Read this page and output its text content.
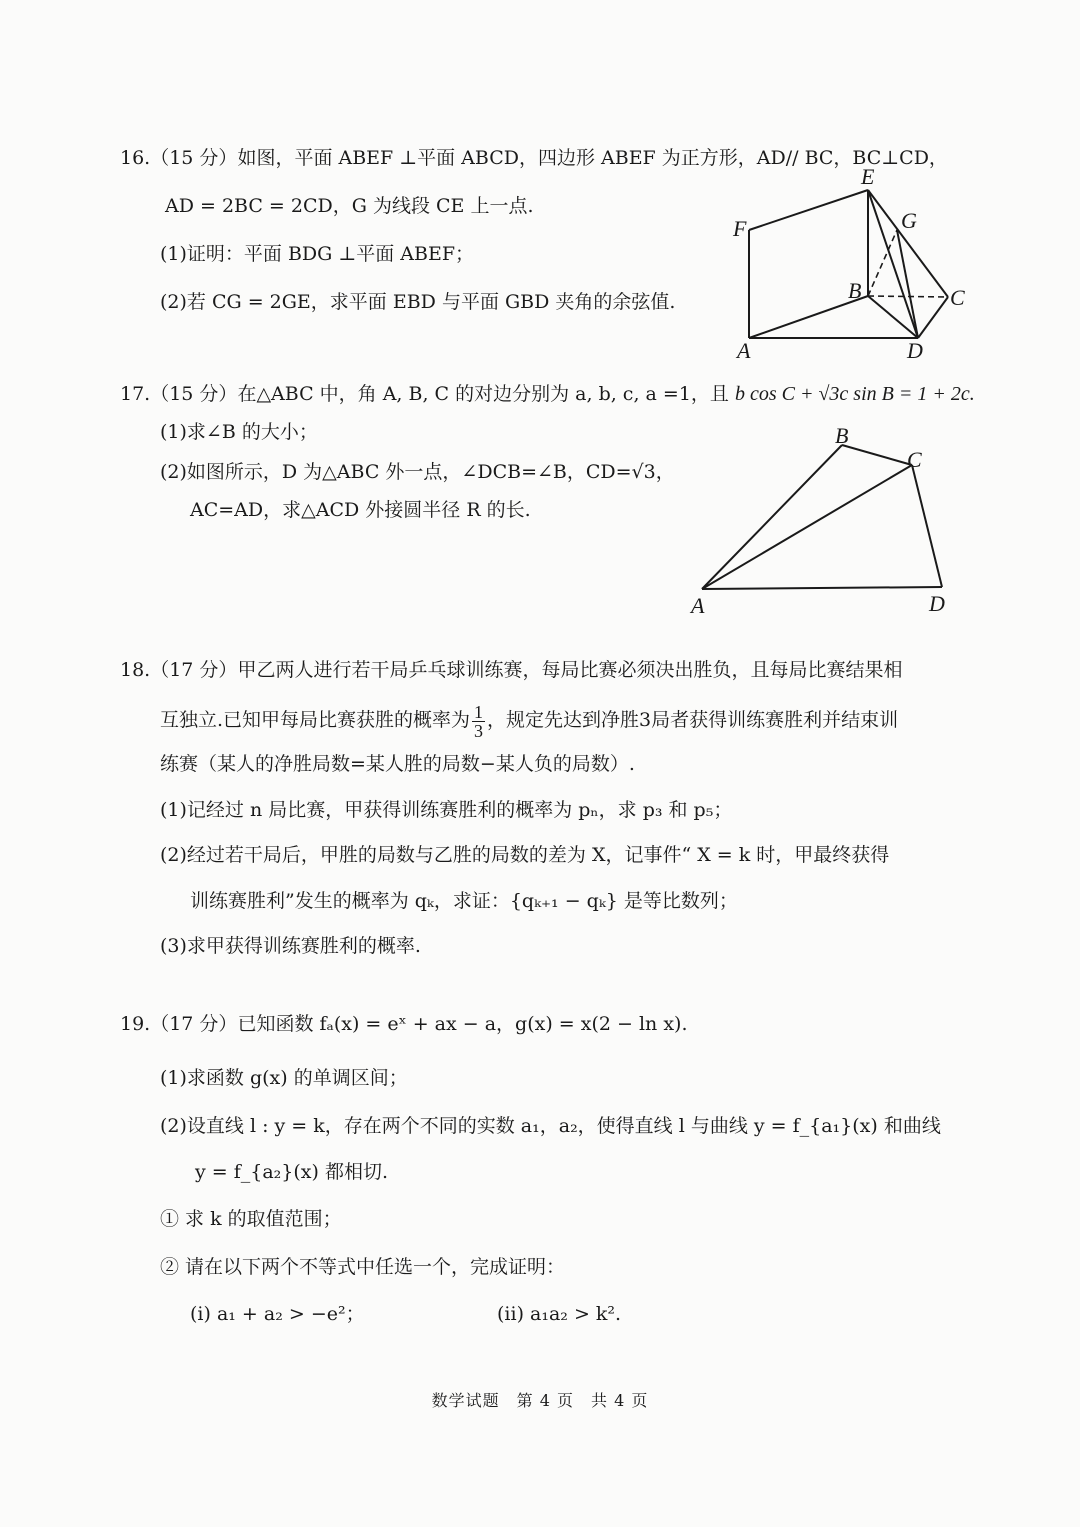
16.（15 分）如图，平面 ABEF ⊥平面 ABCD，四边形 ABEF 为正方形，AD// BC，BC⊥CD，
AD = 2BC = 2CD，G 为线段 CE 上一点.
(1)证明：平面 BDG ⊥平面 ABEF；
(2)若 CG = 2GE，求平面 EBD 与平面 GBD 夹角的余弦值.
E
F	G
B	C
A	D
17.（15 分）在△ABC 中，角 A, B, C 的对边分别为 a, b, c, a =1，且 b cos C + √3c sin B = 1 + 2c.
(1)求∠B 的大小；
(2)如图所示，D 为△ABC 外一点，∠DCB=∠B，CD=√3，
AC=AD，求△ACD 外接圆半径 R 的长.
B
C
A	D
18.（17 分）甲乙两人进行若干局乒乓球训练赛，每局比赛必须决出胜负，且每局比赛结果相
互独立.已知甲每局比赛获胜的概率为 $\frac{1}{3}$ ，规定先达到净胜3局者获得训练赛胜利并结束训
练赛（某人的净胜局数=某人胜的局数−某人负的局数）.
(1)记经过 n 局比赛，甲获得训练赛胜利的概率为 pₙ，求 p₃ 和 p₅；
(2)经过若干局后，甲胜的局数与乙胜的局数的差为 X，记事件“ X = k 时，甲最终获得
训练赛胜利”发生的概率为 qₖ，求证：{qₖ₊₁ − qₖ} 是等比数列；
(3)求甲获得训练赛胜利的概率.
19.（17 分）已知函数 fₐ(x) = eˣ + ax − a，g(x) = x(2 − ln x).
(1)求函数 g(x) 的单调区间；
(2)设直线 l : y = k，存在两个不同的实数 a₁，a₂，使得直线 l 与曲线 y = f_{a₁}(x) 和曲线
y = f_{a₂}(x) 都相切.
① 求 k 的取值范围；
② 请在以下两个不等式中任选一个，完成证明：
(i) a₁ + a₂ > −e²；	(ii) a₁a₂ > k².
数学试题　第 4 页　共 4 页
